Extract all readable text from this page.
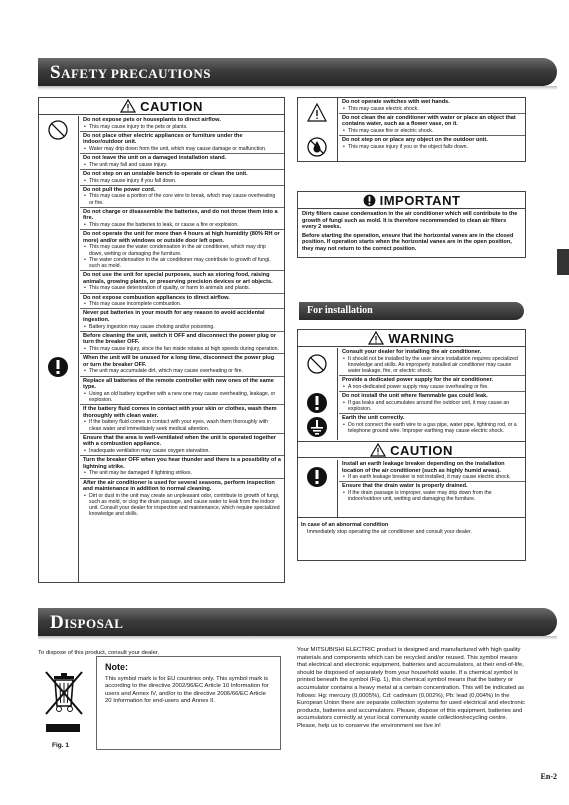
SAFETY PRECAUTIONS
CAUTION
Do not expose pets or houseplants to direct airflow.
• This may cause injury to the pets or plants.
Do not place other electric appliances or furniture under the indoor/outdoor unit.
• Water may drip down from the unit, which may cause damage or malfunction.
Do not leave the unit on a damaged installation stand.
• The unit may fall and cause injury.
Do not step on an unstable bench to operate or clean the unit.
• This may cause injury if you fall down.
Do not pull the power cord.
• This may cause a portion of the core wire to break, which may cause overheating or fire.
Do not charge or disassemble the batteries, and do not throw them into a fire.
• This may cause the batteries to leak, or cause a fire or explosion.
Do not operate the unit for more than 4 hours at high humidity (80% RH or more) and/or with windows or outside door left open.
• This may cause the water condensation in the air conditioner, which may drip down, wetting or damaging the furniture.
• The water condensation in the air conditioner may contribute to growth of fungi, such as mold.
Do not use the unit for special purposes, such as storing food, raising animals, growing plants, or preserving precision devices or art objects.
• This may cause deterioration of quality, or harm to animals and plants.
Do not expose combustion appliances to direct airflow.
• This may cause incomplete combustion.
Never put batteries in your mouth for any reason to avoid accidental ingestion.
• Battery ingestion may cause choking and/or poisoning.
Before cleaning the unit, switch it OFF and disconnect the power plug or turn the breaker OFF.
• This may cause injury, since the fan inside rotates at high speeds during operation.
When the unit will be unused for a long time, disconnect the power plug or turn the breaker OFF.
• The unit may accumulate dirt, which may cause overheating or fire.
Replace all batteries of the remote controller with new ones of the same type.
• Using an old battery together with a new one may cause overheating, leakage, or explosion.
If the battery fluid comes in contact with your skin or clothes, wash them thoroughly with clean water.
• If the battery fluid comes in contact with your eyes, wash them thoroughly with clean water and immediately seek medical attention.
Ensure that the area is well-ventilated when the unit is operated together with a combustion appliance.
• Inadequate ventilation may cause oxygen starvation.
Turn the breaker OFF when you hear thunder and there is a possibility of a lightning strike.
• The unit may be damaged if lightning strikes.
After the air conditioner is used for several seasons, perform inspection and maintenance in addition to normal cleaning.
• Dirt or dust in the unit may create an unpleasant odor, contribute to growth of fungi, such as mold, or clog the drain passage, and cause water to leak from the indoor unit. Consult your dealer for inspection and maintenance, which require specialized knowledge and skills.
Do not operate switches with wet hands.
• This may cause electric shock.
Do not clean the air conditioner with water or place an object that contains water, such as a flower vase, on it.
• This may cause fire or electric shock.
Do not step on or place any object on the outdoor unit.
• This may cause injury if you or the object falls down.
IMPORTANT
Dirty filters cause condensation in the air conditioner which will contribute to the growth of fungi such as mold. It is therefore recommended to clean air filters every 2 weeks.
Before starting the operation, ensure that the horizontal vanes are in the closed position. If operation starts when the horizontal vanes are in the open position, they may not return to the correct position.
For installation
WARNING
Consult your dealer for installing the air conditioner.
• It should not be installed by the user since installation requires specialized knowledge and skills. An improperly installed air conditioner may cause water leakage, fire, or electric shock.
Provide a dedicated power supply for the air conditioner.
• A non-dedicated power supply may cause overheating or fire.
Do not install the unit where flammable gas could leak.
• If gas leaks and accumulates around the outdoor unit, it may cause an explosion.
Earth the unit correctly.
• Do not connect the earth wire to a gas pipe, water pipe, lightning rod, or a telephone ground wire. Improper earthing may cause electric shock.
CAUTION
Install an earth leakage breaker depending on the installation location of the air conditioner (such as highly humid areas).
• If an earth leakage breaker is not installed, it may cause electric shock.
Ensure that the drain water is properly drained.
• If the drain passage is improper, water may drip down from the indoor/outdoor unit, wetting and damaging the furniture.
In case of an abnormal condition
Immediately stop operating the air conditioner and consult your dealer.
DISPOSAL
To dispose of this product, consult your dealer.
Fig. 1
Note:
This symbol mark is for EU countries only. This symbol mark is according to the directive 2002/96/EC Article 10 Information for users and Annex IV, and/or to the directive 2006/66/EC Article 20 Information for end-users and Annex II.
Your MITSUBISHI ELECTRIC product is designed and manufactured with high quality materials and components which can be recycled and/or reused. This symbol means that electrical and electronic equipment, batteries and accumulators, at their end-of-life, should be disposed of separately from your household waste. If a chemical symbol is printed beneath the symbol (Fig. 1), this chemical symbol means that the battery or accumulator contains a heavy metal at a certain concentration. This will be indicated as follows: Hg: mercury (0,0005%), Cd: cadmium (0,002%), Pb: lead (0,004%) In the European Union there are separate collection systems for used electrical and electronic products, batteries and accumulators. Please, dispose of this equipment, batteries and accumulators correctly at your local community waste collection/recycling centre. Please, help us to conserve the environment we live in!
En-2
